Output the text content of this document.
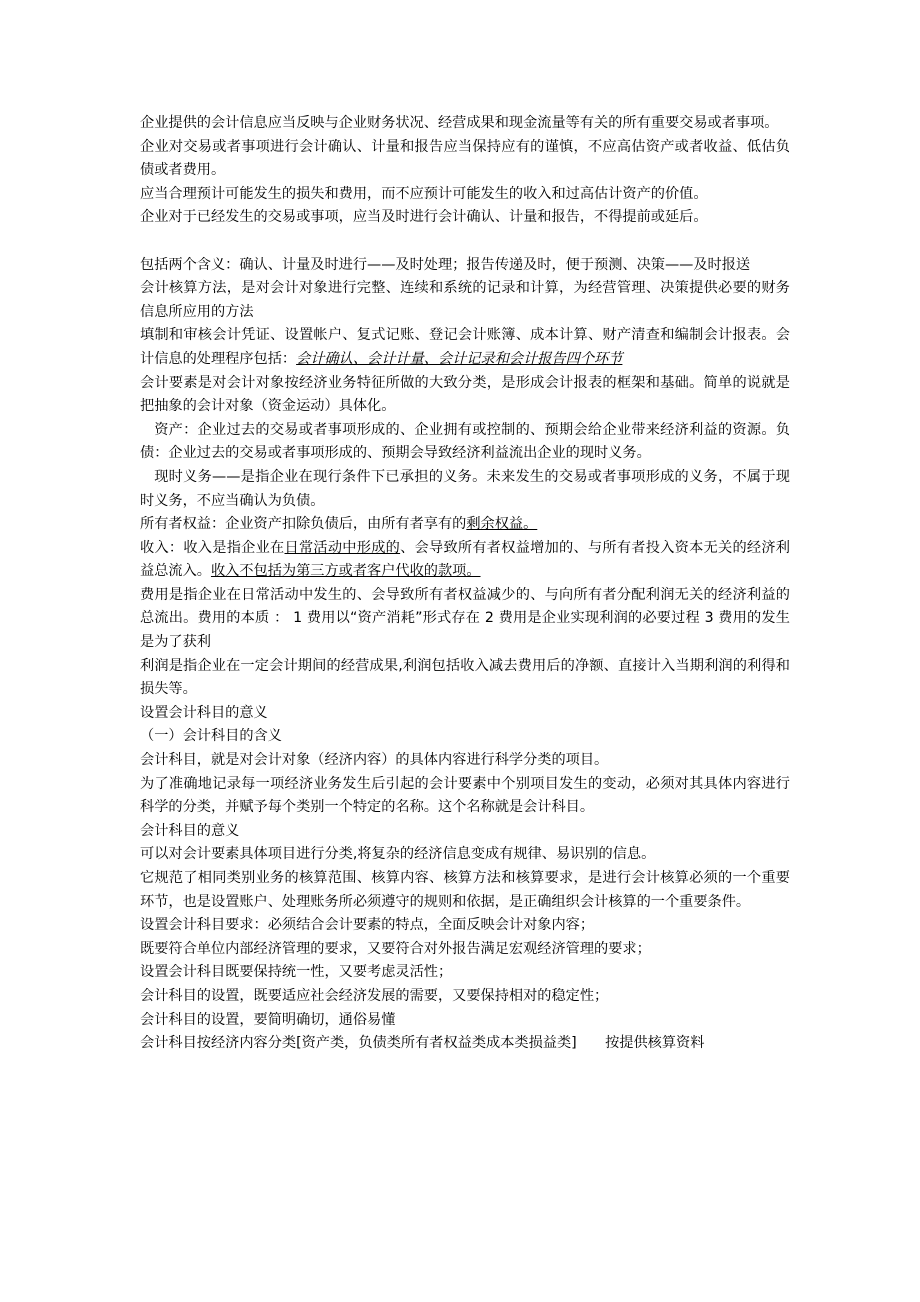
企业提供的会计信息应当反映与企业财务状况、经营成果和现金流量等有关的所有重要交易或者事项。

企业对交易或者事项进行会计确认、计量和报告应当保持应有的谨慎，不应高估资产或者收益、低估负债或者费用。

应当合理预计可能发生的损失和费用，而不应预计可能发生的收入和过高估计资产的价值。

企业对于已经发生的交易或事项，应当及时进行会计确认、计量和报告，不得提前或延后。

包括两个含义：确认、计量及时进行——及时处理；报告传递及时，便于预测、决策——及时报送

会计核算方法，是对会计对象进行完整、连续和系统的记录和计算，为经营管理、决策提供必要的财务信息所应用的方法

填制和审核会计凭证、设置帐户、复式记账、登记会计账簿、成本计算、财产清查和编制会计报表。会计信息的处理程序包括：会计确认、会计计量、会计记录和会计报告四个环节

会计要素是对会计对象按经济业务特征所做的大致分类，是形成会计报表的框架和基础。简单的说就是把抽象的会计对象（资金运动）具体化。

资产：企业过去的交易或者事项形成的、企业拥有或控制的、预期会给企业带来经济利益的资源。负债：企业过去的交易或者事项形成的、预期会导致经济利益流出企业的现时义务。

现时义务——是指企业在现行条件下已承担的义务。未来发生的交易或者事项形成的义务，不属于现时义务，不应当确认为负债。

所有者权益：企业资产扣除负债后，由所有者享有的剩余权益。

收入：收入是指企业在日常活动中形成的、会导致所有者权益增加的、与所有者投入资本无关的经济利益总流入。收入不包括为第三方或者客户代收的款项。

费用是指企业在日常活动中发生的、会导致所有者权益减少的、与向所有者分配利润无关的经济利益的总流出。费用的本质 ： 1 费用以“资产消耗”形式存在 2 费用是企业实现利润的必要过程 3 费用的发生是为了获利

利润是指企业在一定会计期间的经营成果,利润包括收入减去费用后的净额、直接计入当期利润的利得和损失等。

设置会计科目的意义

（一）会计科目的含义

会计科目，就是对会计对象（经济内容）的具体内容进行科学分类的项目。

为了准确地记录每一项经济业务发生后引起的会计要素中个别项目发生的变动，必须对其具体内容进行科学的分类，并赋予每个类别一个特定的名称。这个名称就是会计科目。

会计科目的意义

可以对会计要素具体项目进行分类,将复杂的经济信息变成有规律、易识别的信息。

它规范了相同类别业务的核算范围、核算内容、核算方法和核算要求，是进行会计核算必须的一个重要环节，也是设置账户、处理账务所必须遵守的规则和依据，是正确组织会计核算的一个重要条件。

设置会计科目要求：必须结合会计要素的特点，全面反映会计对象内容；

既要符合单位内部经济管理的要求，又要符合对外报告满足宏观经济管理的要求；

设置会计科目既要保持统一性，又要考虑灵活性；

会计科目的设置，既要适应社会经济发展的需要，又要保持相对的稳定性；

会计科目的设置，要简明确切，通俗易懂

会计科目按经济内容分类[资产类，负债类所有者权益类成本类损益类]　　按提供核算资料
